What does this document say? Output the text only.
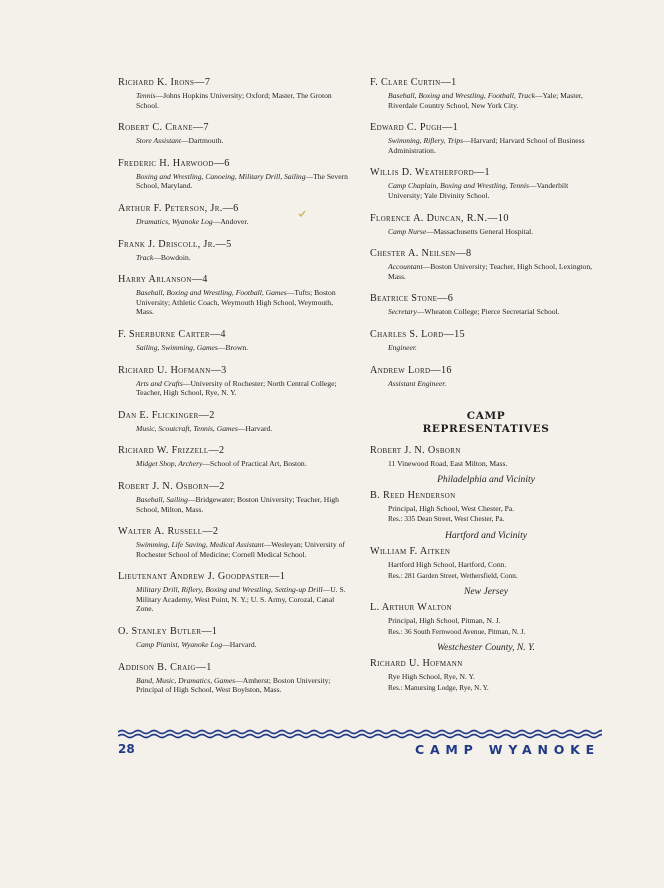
Richard K. Irons—7
Tennis—Johns Hopkins University; Oxford; Master, The Groton School.
Robert C. Crane—7
Store Assistant—Dartmouth.
Frederic H. Harwood—6
Boxing and Wrestling, Canoeing, Military Drill, Sailing—The Severn School, Maryland.
Arthur F. Peterson, Jr.—6
Dramatics, Wyanoke Log—Andover.
Frank J. Driscoll, Jr.—5
Track—Bowdoin.
Harry Arlanson—4
Baseball, Boxing and Wrestling, Football, Games—Tufts; Boston University; Athletic Coach, Weymouth High School, Weymouth, Mass.
F. Sherburne Carter—4
Sailing, Swimming, Games—Brown.
Richard U. Hofmann—3
Arts and Crafts—University of Rochester; North Central College; Teacher, High School, Rye, N. Y.
Dan E. Flickinger—2
Music, Scoutcraft, Tennis, Games—Harvard.
Richard W. Frizzell—2
Midget Shop, Archery—School of Practical Art, Boston.
Robert J. N. Osborn—2
Baseball, Sailing—Bridgewater; Boston University; Teacher, High School, Milton, Mass.
Walter A. Russell—2
Swimming, Life Saving, Medical Assistant—Wesleyan; University of Rochester School of Medicine; Cornell Medical School.
Lieutenant Andrew J. Goodpaster—1
Military Drill, Riflery, Boxing and Wrestling, Setting-up Drill—U. S. Military Academy, West Point, N. Y.; U. S. Army, Corozal, Canal Zone.
O. Stanley Butler—1
Camp Pianist, Wyanoke Log—Harvard.
Addison B. Craig—1
Band, Music, Dramatics, Games—Amherst; Boston University; Principal of High School, West Boylston, Mass.
F. Clare Curtin—1
Baseball, Boxing and Wrestling, Football, Track—Yale; Master, Riverdale Country School, New York City.
Edward C. Pugh—1
Swimming, Riflery, Trips—Harvard; Harvard School of Business Administration.
Willis D. Weatherford—1
Camp Chaplain, Boxing and Wrestling, Tennis—Vanderbilt University; Yale Divinity School.
Florence A. Duncan, R.N.—10
Camp Nurse—Massachusetts General Hospital.
Chester A. Neilsen—8
Accountant—Boston University; Teacher, High School, Lexington, Mass.
Beatrice Stone—6
Secretary—Wheaton College; Pierce Secretarial School.
Charles S. Lord—15
Engineer.
Andrew Lord—16
Assistant Engineer.
CAMP
REPRESENTATIVES
Robert J. N. Osborn
11 Vinewood Road, East Milton, Mass.
Philadelphia and Vicinity
B. Reed Henderson
Principal, High School, West Chester, Pa.
Res.: 335 Dean Street, West Chester, Pa.
Hartford and Vicinity
William F. Aitken
Hartford High School, Hartford, Conn.
Res.: 281 Garden Street, Wethersfield, Conn.
New Jersey
L. Arthur Walton
Principal, High School, Pitman, N. J.
Res.: 36 South Fernwood Avenue, Pitman, N. J.
Westchester County, N. Y.
Richard U. Hofmann
Rye High School, Rye, N. Y.
Res.: Manursing Lodge, Rye, N. Y.
28	CAMP WYANOKE
